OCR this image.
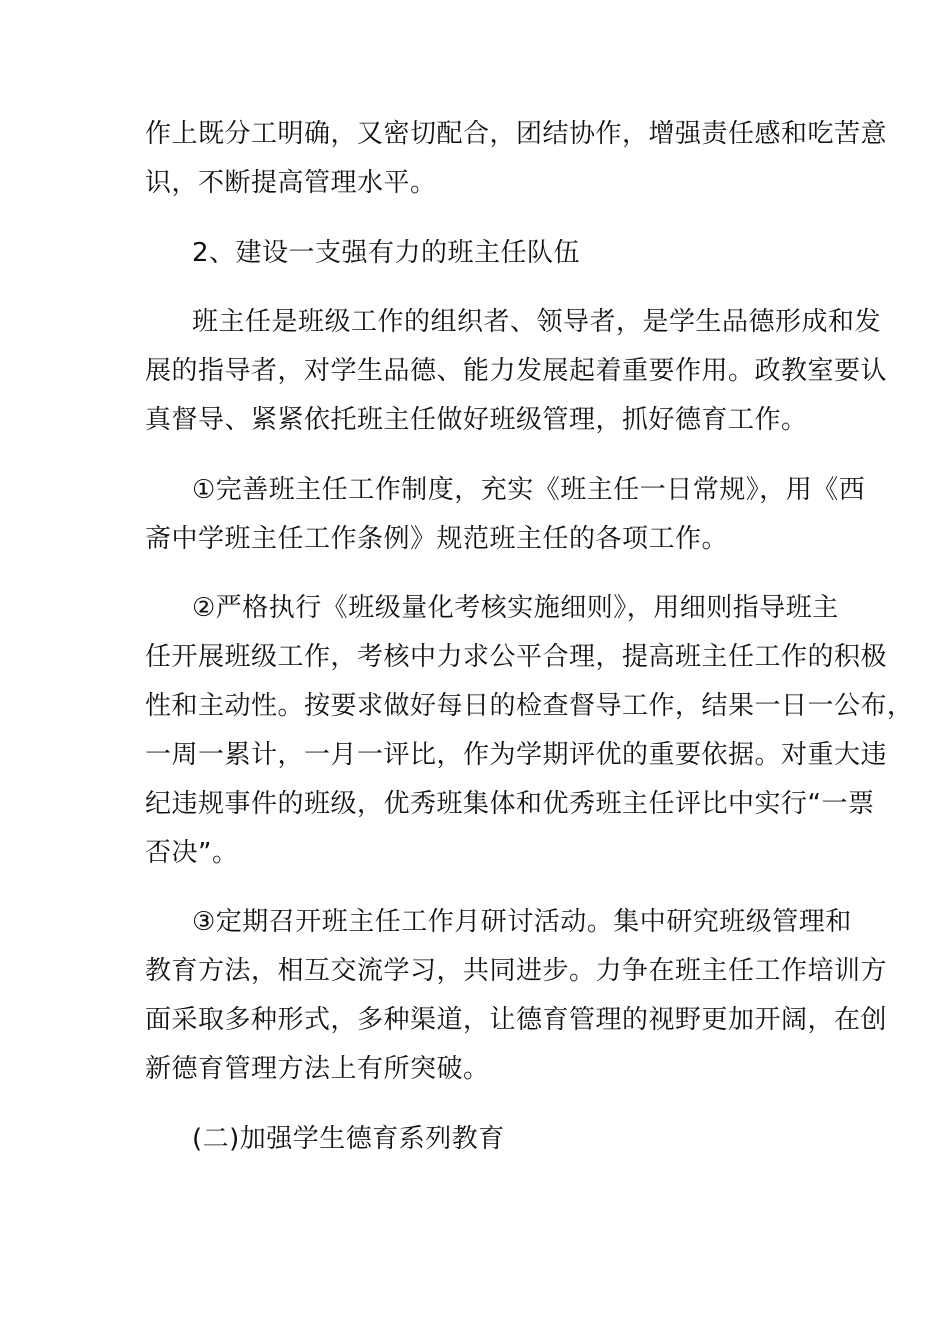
作上既分工明确，又密切配合，团结协作，增强责任感和吃苦意
识，不断提高管理水平。
2、建设一支强有力的班主任队伍
班主任是班级工作的组织者、领导者，是学生品德形成和发
展的指导者，对学生品德、能力发展起着重要作用。政教室要认
真督导、紧紧依托班主任做好班级管理，抓好德育工作。
①完善班主任工作制度，充实《班主任一日常规》，用《西
斋中学班主任工作条例》规范班主任的各项工作。
②严格执行《班级量化考核实施细则》，用细则指导班主
任开展班级工作，考核中力求公平合理，提高班主任工作的积极
性和主动性。按要求做好每日的检查督导工作，结果一日一公布，
一周一累计，一月一评比，作为学期评优的重要依据。对重大违
纪违规事件的班级，优秀班集体和优秀班主任评比中实行“一票
否决”。
③定期召开班主任工作月研讨活动。集中研究班级管理和
教育方法，相互交流学习，共同进步。力争在班主任工作培训方
面采取多种形式，多种渠道，让德育管理的视野更加开阔，在创
新德育管理方法上有所突破。
(二)加强学生德育系列教育
